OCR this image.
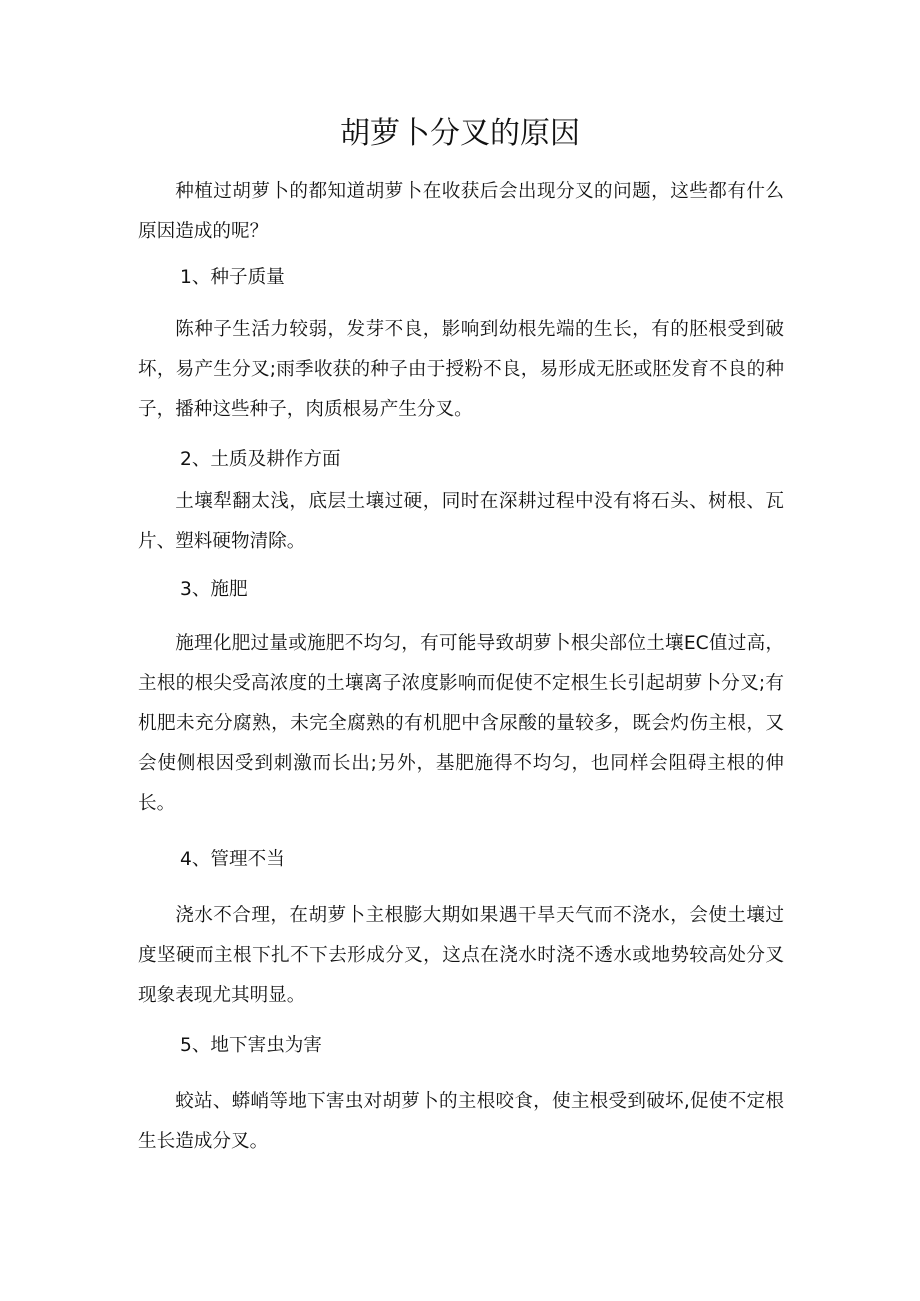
胡萝卜分叉的原因

种植过胡萝卜的都知道胡萝卜在收获后会出现分叉的问题，这些都有什么原因造成的呢？

1、种子质量

陈种子生活力较弱，发芽不良，影响到幼根先端的生长，有的胚根受到破坏，易产生分叉;雨季收获的种子由于授粉不良，易形成无胚或胚发育不良的种子，播种这些种子，肉质根易产生分叉。

2、土质及耕作方面

土壤犁翻太浅，底层土壤过硬，同时在深耕过程中没有将石头、树根、瓦片、塑料硬物清除。

3、施肥

施理化肥过量或施肥不均匀，有可能导致胡萝卜根尖部位土壤EC值过高，主根的根尖受高浓度的土壤离子浓度影响而促使不定根生长引起胡萝卜分叉;有机肥未充分腐熟，未完全腐熟的有机肥中含尿酸的量较多，既会灼伤主根，又会使侧根因受到刺激而长出;另外，基肥施得不均匀，也同样会阻碍主根的伸长。

4、管理不当

浇水不合理，在胡萝卜主根膨大期如果遇干旱天气而不浇水，会使土壤过度坚硬而主根下扎不下去形成分叉，这点在浇水时浇不透水或地势较高处分叉现象表现尤其明显。

5、地下害虫为害

蛟站、蟒峭等地下害虫对胡萝卜的主根咬食，使主根受到破坏,促使不定根生长造成分叉。
